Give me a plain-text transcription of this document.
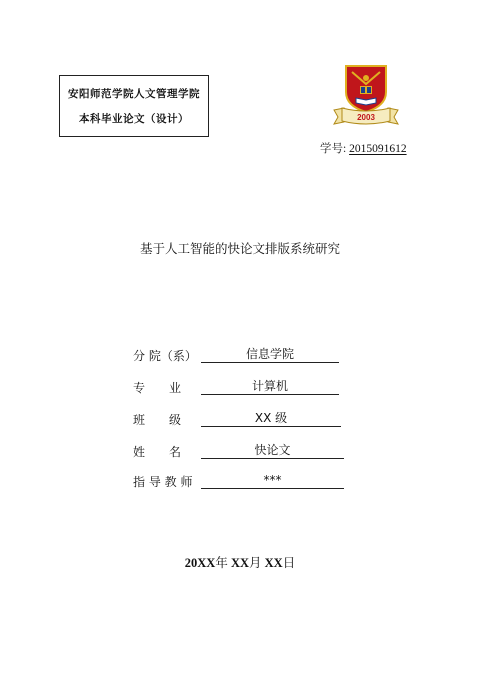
安阳师范学院人文管理学院
本科毕业论文（设计）	2003
学号: 2015091612
基于人工智能的快论文排版系统研究
分 院（系）	信息学院
专　　业	计算机
班　　级	XX 级
姓　　名	快论文
指 导 教 师	***
20XX年 XX月 XX日
